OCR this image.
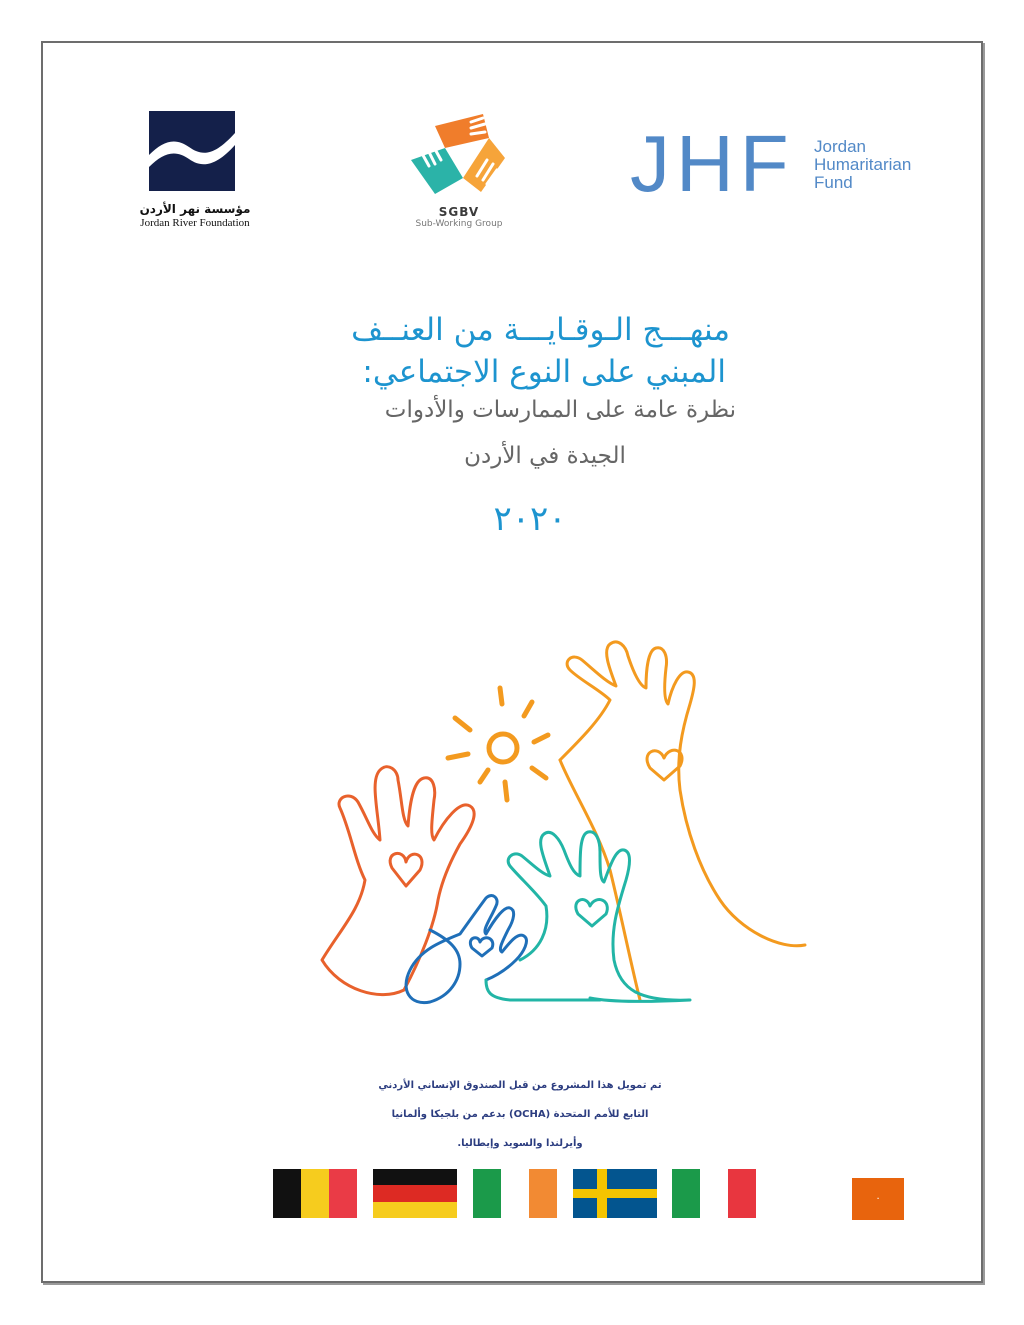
مؤسسة نهر الأردن
Jordan River Foundation
SGBV
Sub-Working Group
JHF Jordan
Humaritarian
Fund
منهـــج الـوقـايـــة من العنــف
المبني على النوع الاجتماعي:
نظرة عامة على الممارسات والأدوات
الجيدة في الأردن
٢٠٢٠
تم تمويل هذا المشروع من قبل الصندوق الإنساني الأردني
التابع للأمم المتحدة (OCHA) بدعم من بلجيكا وألمانيا
وأيرلندا والسويد وإيطاليا.
٠
